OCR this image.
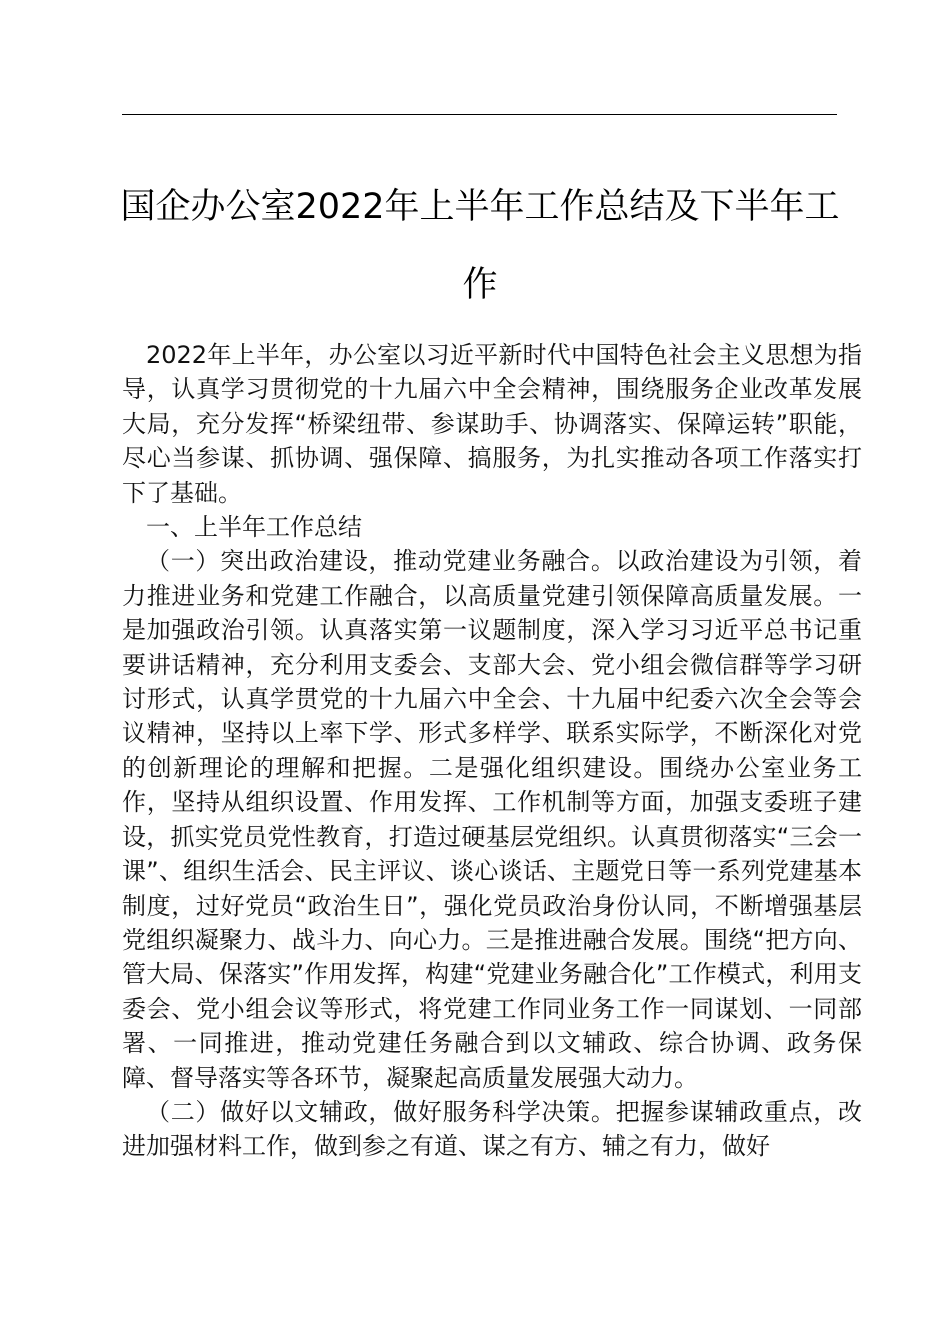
国企办公室2022年上半年工作总结及下半年工作

2022年上半年，办公室以习近平新时代中国特色社会主义思想为指导，认真学习贯彻党的十九届六中全会精神，围绕服务企业改革发展大局，充分发挥“桥梁纽带、参谋助手、协调落实、保障运转”职能，尽心当参谋、抓协调、强保障、搞服务，为扎实推动各项工作落实打下了基础。

一、上半年工作总结

（一）突出政治建设，推动党建业务融合。以政治建设为引领，着力推进业务和党建工作融合，以高质量党建引领保障高质量发展。一是加强政治引领。认真落实第一议题制度，深入学习习近平总书记重要讲话精神，充分利用支委会、支部大会、党小组会微信群等学习研讨形式，认真学贯党的十九届六中全会、十九届中纪委六次全会等会议精神，坚持以上率下学、形式多样学、联系实际学，不断深化对党的创新理论的理解和把握。二是强化组织建设。围绕办公室业务工作，坚持从组织设置、作用发挥、工作机制等方面，加强支委班子建设，抓实党员党性教育，打造过硬基层党组织。认真贯彻落实“三会一课”、组织生活会、民主评议、谈心谈话、主题党日等一系列党建基本制度，过好党员“政治生日”，强化党员政治身份认同，不断增强基层党组织凝聚力、战斗力、向心力。三是推进融合发展。围绕“把方向、管大局、保落实”作用发挥，构建“党建业务融合化”工作模式，利用支委会、党小组会议等形式，将党建工作同业务工作一同谋划、一同部署、一同推进，推动党建任务融合到以文辅政、综合协调、政务保障、督导落实等各环节，凝聚起高质量发展强大动力。

（二）做好以文辅政，做好服务科学决策。把握参谋辅政重点，改进加强材料工作，做到参之有道、谋之有方、辅之有力，做好
